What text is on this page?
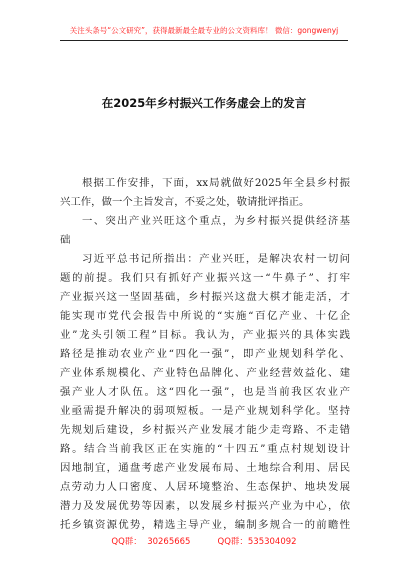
关注头条号“公文研究”，获得最新最全最专业的公文资料库！ 微信：gongwenyj
在2025年乡村振兴工作务虚会上的发言
根据工作安排，下面，xx局就做好2025年全县乡村振
兴工作，做一个主旨发言，不妥之处，敬请批评指正。
一、突出产业兴旺这个重点，为乡村振兴提供经济基
础
习近平总书记所指出：产业兴旺，是解决农村一切问
题的前提。我们只有抓好产业振兴这一“牛鼻子”、打牢
产业振兴这一坚固基础，乡村振兴这盘大棋才能走活，才
能实现市党代会报告中所说的“实施“百亿产业、十亿企
业”龙头引领工程”目标。我认为，产业振兴的具体实践
路径是推动农业产业“四化一强”，即产业规划科学化、
产业体系规模化、产业特色品牌化、产业经营效益化、建
强产业人才队伍。这“四化一强”，也是当前我区农业产
业亟需提升解决的弱项短板。一是产业规划科学化。坚持
先规划后建设，乡村振兴产业发展才能少走弯路、不走错
路。结合当前我区正在实施的“十四五”重点村规划设计
因地制宜，通盘考虑产业发展布局、土地综合利用、居民
点劳动力人口密度、人居环境整治、生态保护、地块发展
潜力及发展优势等因素，以发展乡村振兴产业为中心，依
托乡镇资源优势，精选主导产业，编制多规合一的前瞻性
QQ群：  30265665	QQ群：535304092
